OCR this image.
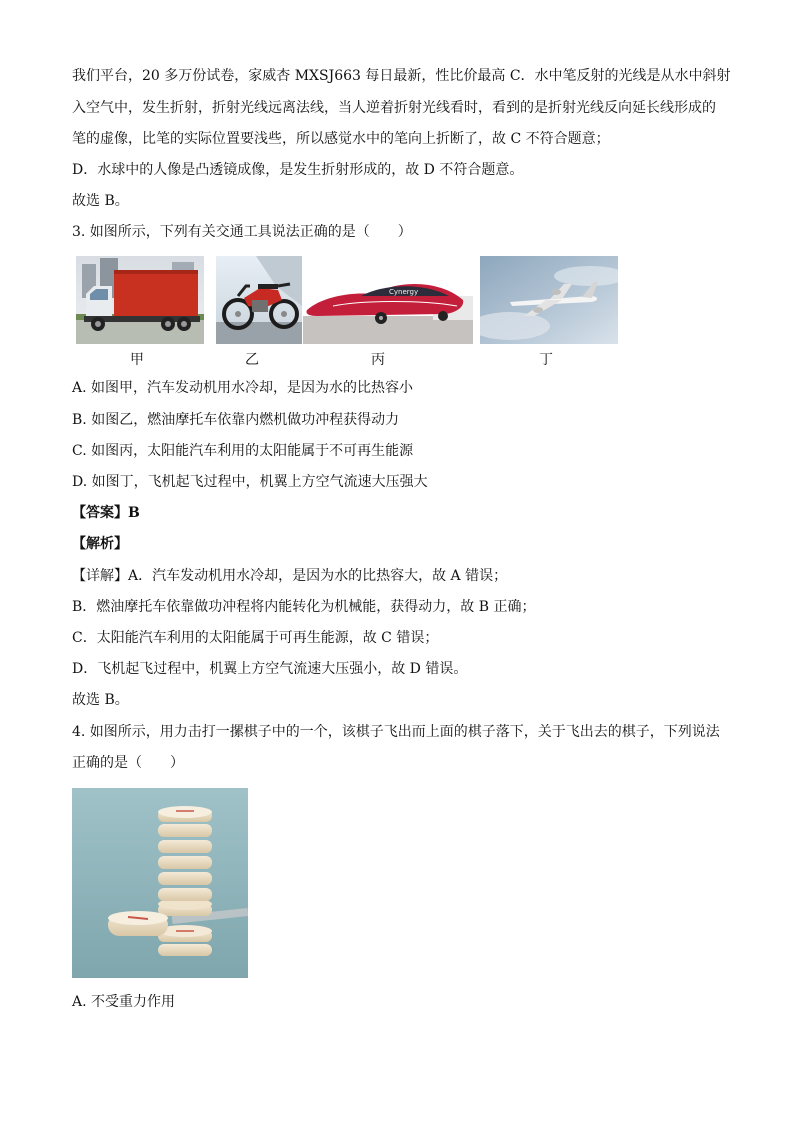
我们平台，20 多万份试卷，家威杏 MXSJ663 每日最新，性比价最高 C．水中笔反射的光线是从水中斜射
入空气中，发生折射，折射光线远离法线，当人逆着折射光线看时，看到的是折射光线反向延长线形成的
笔的虚像，比笔的实际位置要浅些，所以感觉水中的笔向上折断了，故 C 不符合题意；
D．水球中的人像是凸透镜成像，是发生折射形成的，故 D 不符合题意。
故选 B。
3. 如图所示，下列有关交通工具说法正确的是（　　）
Cynergy
甲	乙	丙	丁
A. 如图甲，汽车发动机用水冷却，是因为水的比热容小
B. 如图乙，燃油摩托车依靠内燃机做功冲程获得动力
C. 如图丙，太阳能汽车利用的太阳能属于不可再生能源
D. 如图丁，飞机起飞过程中，机翼上方空气流速大压强大
【答案】B
【解析】
【详解】A．汽车发动机用水冷却，是因为水的比热容大，故 A 错误；
B．燃油摩托车依靠做功冲程将内能转化为机械能，获得动力，故 B 正确；
C．太阳能汽车利用的太阳能属于可再生能源，故 C 错误；
D．飞机起飞过程中，机翼上方空气流速大压强小，故 D 错误。
故选 B。
4. 如图所示，用力击打一摞棋子中的一个，该棋子飞出而上面的棋子落下，关于飞出去的棋子，下列说法
正确的是（　　）
A. 不受重力作用
